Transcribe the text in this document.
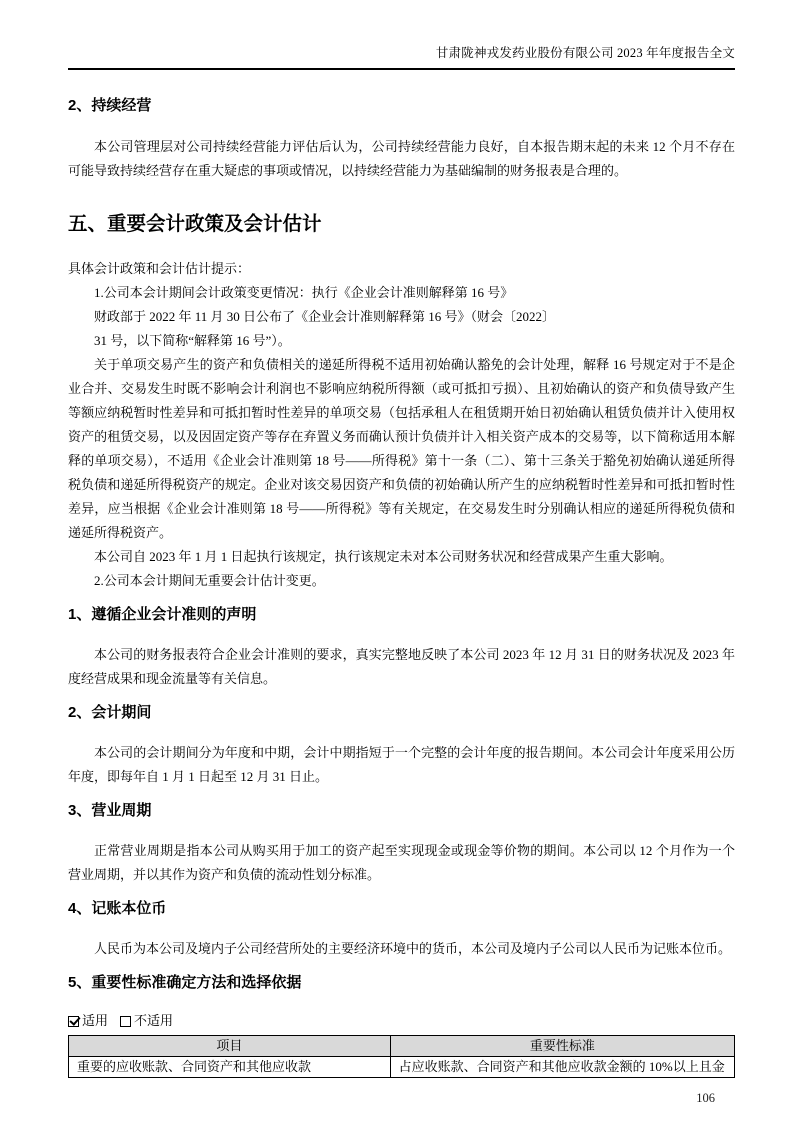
甘肃陇神戎发药业股份有限公司 2023 年年度报告全文
2、持续经营

本公司管理层对公司持续经营能力评估后认为，公司持续经营能力良好，自本报告期末起的未来 12 个月不存在可能导致持续经营存在重大疑虑的事项或情况，以持续经营能力为基础编制的财务报表是合理的。

五、重要会计政策及会计估计

具体会计政策和会计估计提示：

1.公司本会计期间会计政策变更情况：执行《企业会计准则解释第 16 号》

财政部于 2022 年 11 月 30 日公布了《企业会计准则解释第 16 号》（财会〔2022〕

31 号，以下简称“解释第 16 号”）。

关于单项交易产生的资产和负债相关的递延所得税不适用初始确认豁免的会计处理，解释 16 号规定对于不是企业合并、交易发生时既不影响会计利润也不影响应纳税所得额（或可抵扣亏损）、且初始确认的资产和负债导致产生等额应纳税暂时性差异和可抵扣暂时性差异的单项交易（包括承租人在租赁期开始日初始确认租赁负债并计入使用权资产的租赁交易，以及因固定资产等存在弃置义务而确认预计负债并计入相关资产成本的交易等，以下简称适用本解释的单项交易），不适用《企业会计准则第 18 号——所得税》第十一条（二）、第十三条关于豁免初始确认递延所得税负债和递延所得税资产的规定。企业对该交易因资产和负债的初始确认所产生的应纳税暂时性差异和可抵扣暂时性差异，应当根据《企业会计准则第 18 号——所得税》等有关规定，在交易发生时分别确认相应的递延所得税负债和递延所得税资产。

本公司自 2023 年 1 月 1 日起执行该规定，执行该规定未对本公司财务状况和经营成果产生重大影响。

2.公司本会计期间无重要会计估计变更。

1、遵循企业会计准则的声明

本公司的财务报表符合企业会计准则的要求，真实完整地反映了本公司 2023 年 12 月 31 日的财务状况及 2023 年度经营成果和现金流量等有关信息。

2、会计期间

本公司的会计期间分为年度和中期，会计中期指短于一个完整的会计年度的报告期间。本公司会计年度采用公历年度，即每年自 1 月 1 日起至 12 月 31 日止。

3、营业周期

正常营业周期是指本公司从购买用于加工的资产起至实现现金或现金等价物的期间。本公司以 12 个月作为一个营业周期，并以其作为资产和负债的流动性划分标准。

4、记账本位币

人民币为本公司及境内子公司经营所处的主要经济环境中的货币，本公司及境内子公司以人民币为记账本位币。

5、重要性标准确定方法和选择依据
适用 不适用
项目	重要性标准
重要的应收账款、合同资产和其他应收款	占应收账款、合同资产和其他应收款金额的 10%以上且金
106
